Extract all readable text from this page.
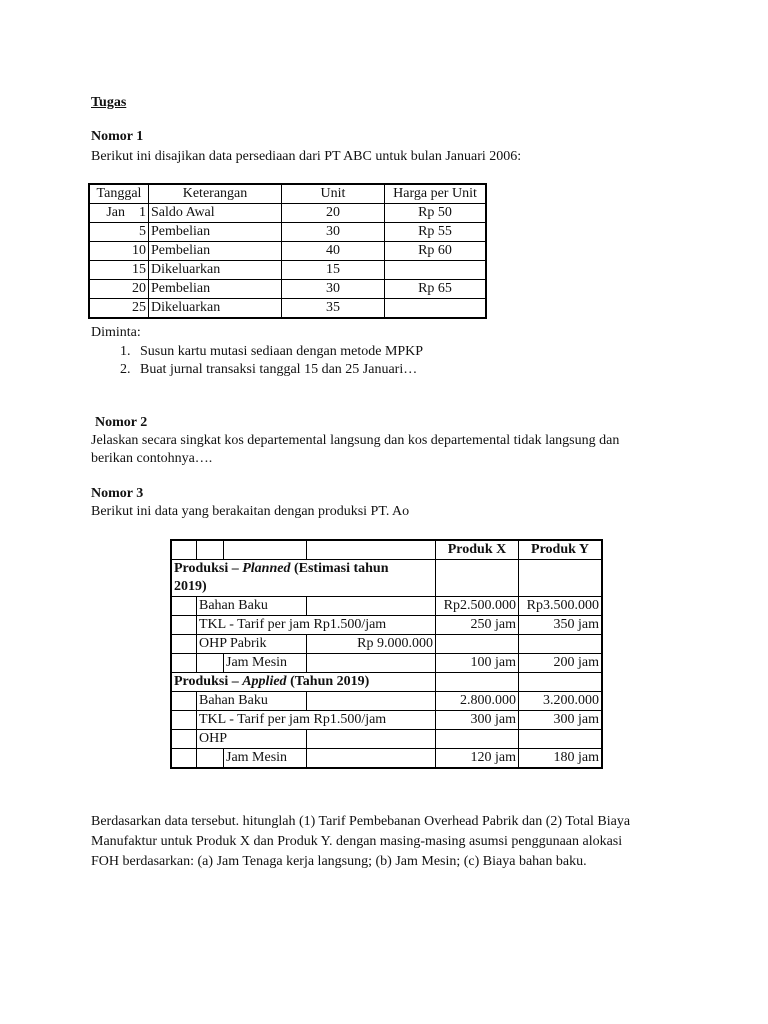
Tugas
Nomor 1
Berikut ini disajikan data persediaan dari PT ABC untuk bulan Januari 2006:
Tanggal	Keterangan	Unit	Harga per Unit
Jan    1	Saldo Awal	20	Rp 50
5	Pembelian	30	Rp 55
10	Pembelian	40	Rp 60
15	Dikeluarkan	15	
20	Pembelian	30	Rp 65
25	Dikeluarkan	35	
Diminta:
1. Susun kartu mutasi sediaan dengan metode MPKP
2. Buat jurnal transaksi tanggal 15 dan 25 Januari…
Nomor 2
Jelaskan secara singkat kos departemental langsung dan kos departemental tidak langsung dan
berikan contohnya….
Nomor 3
Berikut ini data yang berakaitan dengan produksi PT. Ao
				Produk X	Produk Y
Produksi – Planned (Estimasi tahun
2019)					
	Bahan Baku			Rp2.500.000	Rp3.500.000
	TKL - Tarif per jam Rp1.500/jam			250 jam	350 jam
	OHP Pabrik		Rp 9.000.000		
		Jam Mesin		100 jam	200 jam
Produksi – Applied (Tahun 2019)					
	Bahan Baku			2.800.000	3.200.000
	TKL - Tarif per jam Rp1.500/jam			300 jam	300 jam
	OHP				
		Jam Mesin		120 jam	180 jam
Berdasarkan data tersebut. hitunglah (1) Tarif Pembebanan Overhead Pabrik dan (2) Total Biaya
Manufaktur untuk Produk X dan Produk Y. dengan masing-masing asumsi penggunaan alokasi
FOH berdasarkan: (a) Jam Tenaga kerja langsung; (b) Jam Mesin; (c) Biaya bahan baku.
